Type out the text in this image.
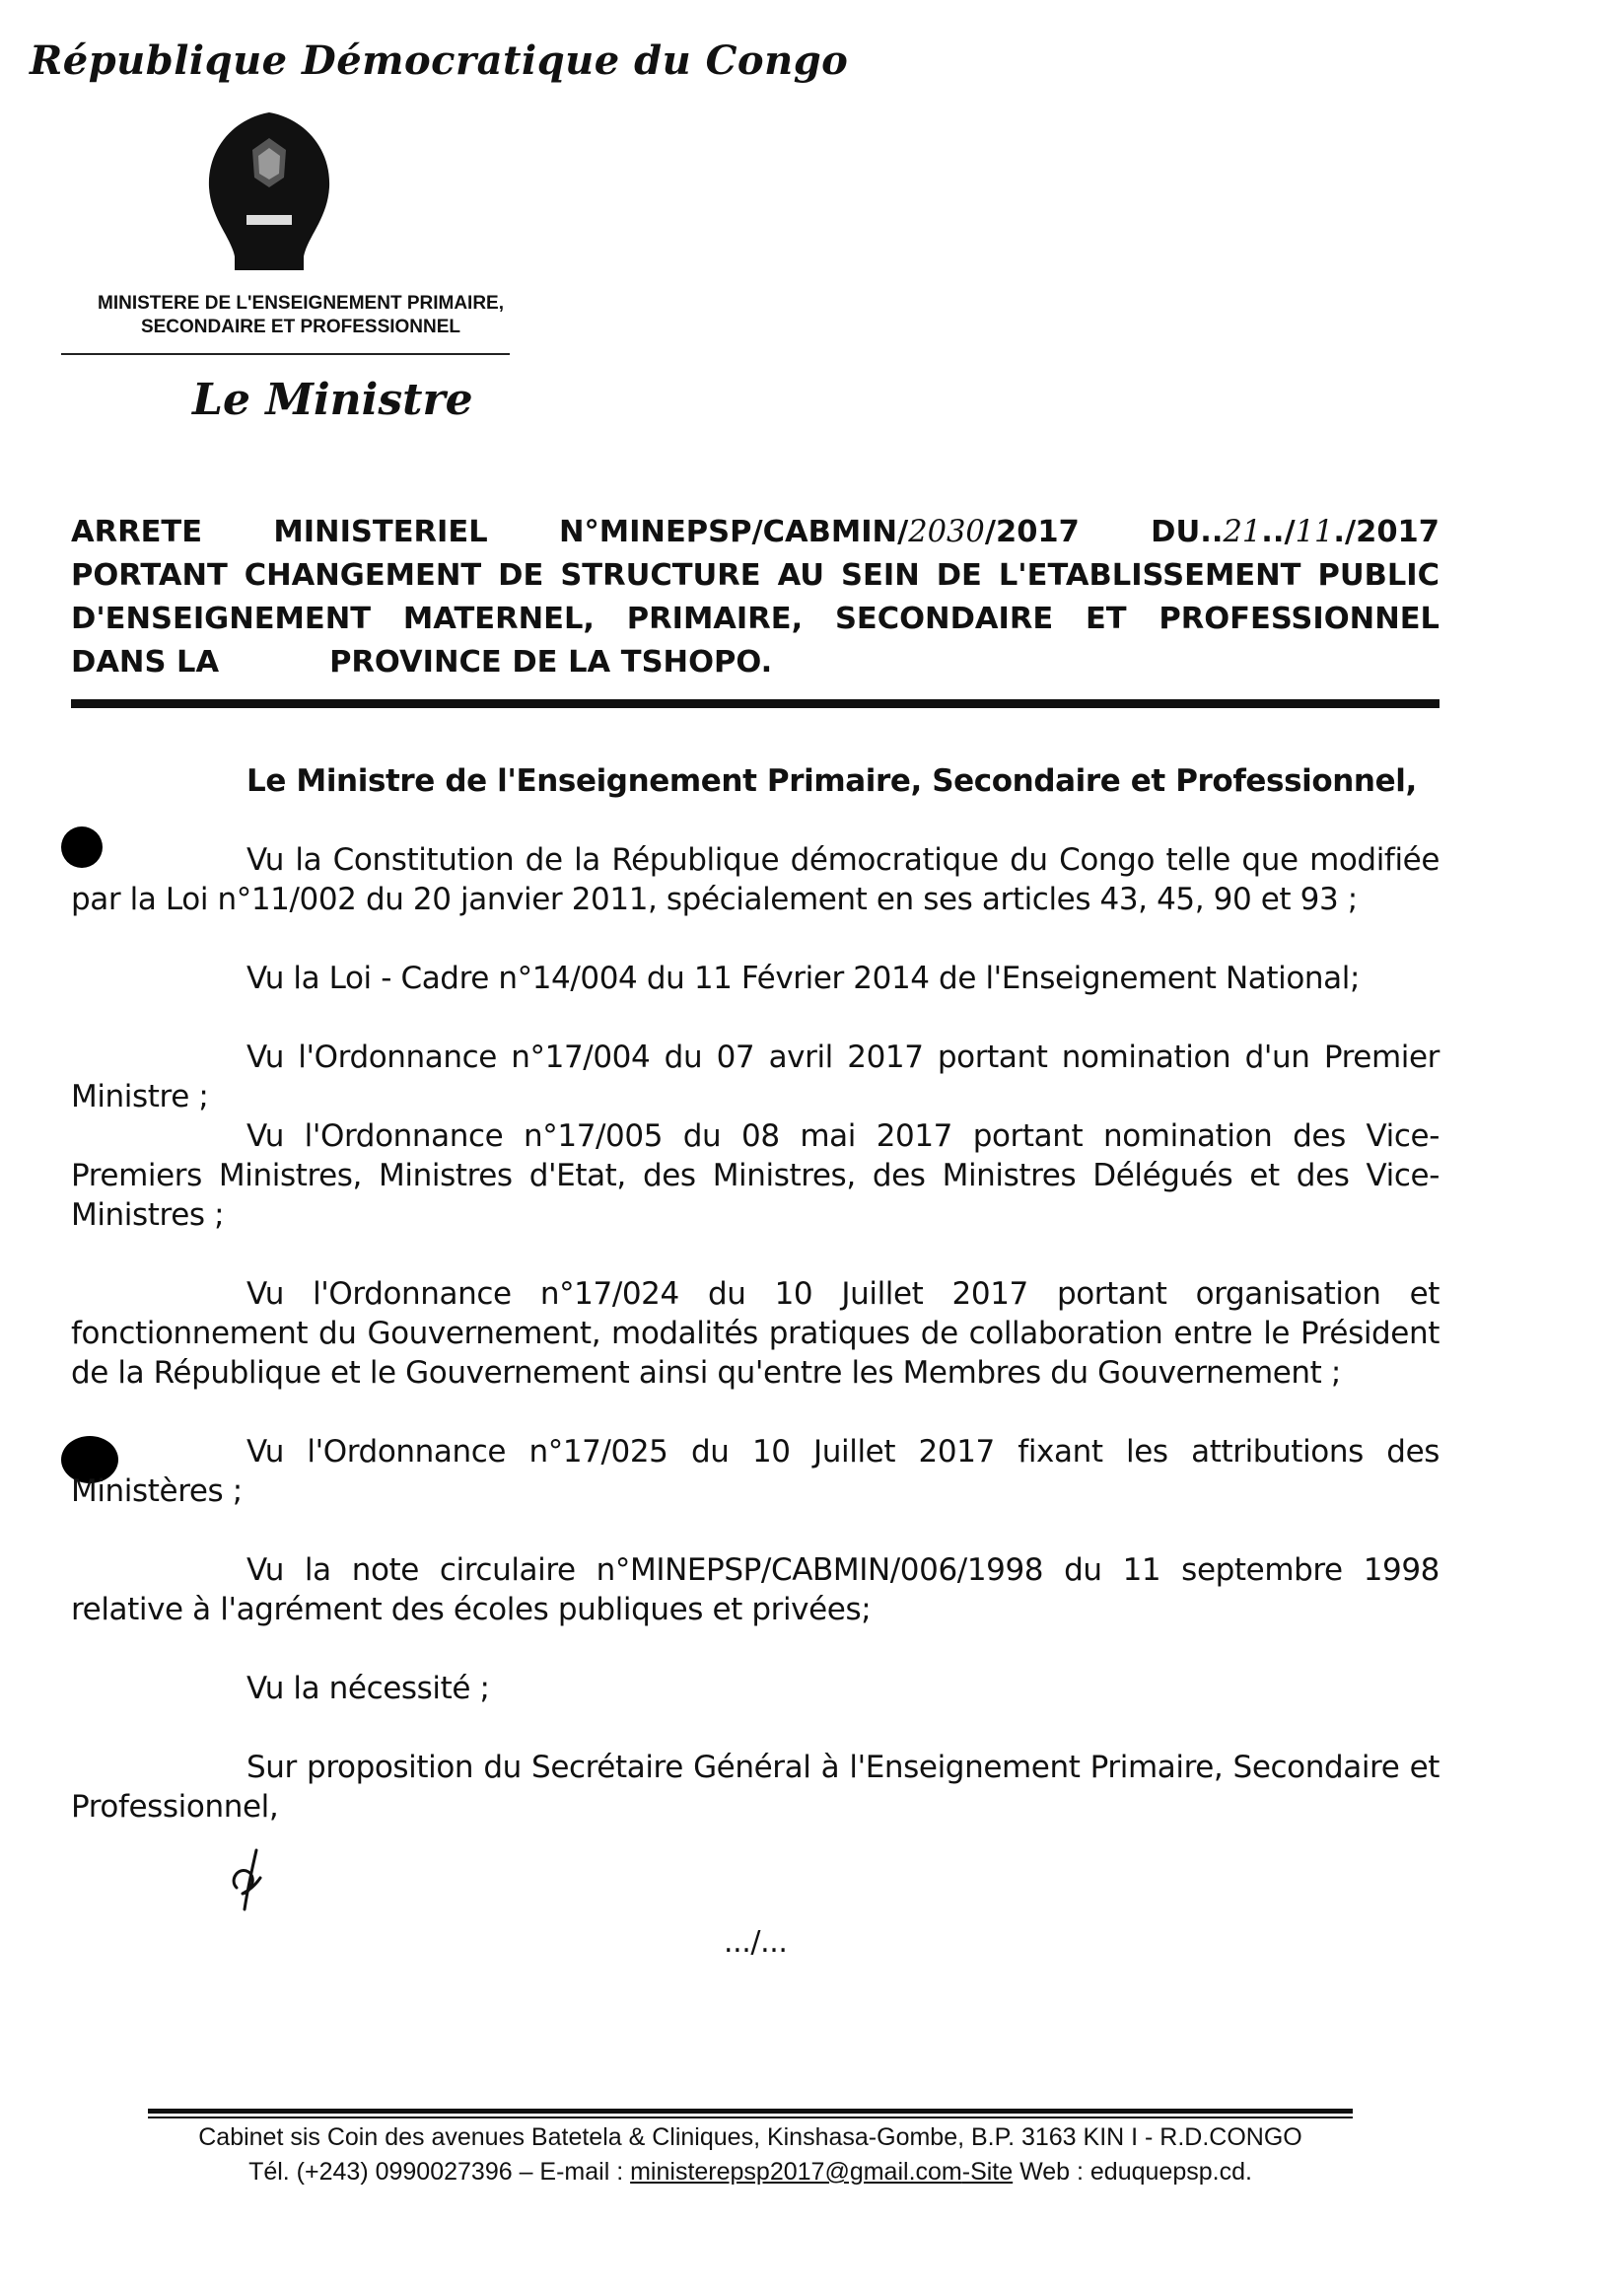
République Démocratique du Congo
MINISTERE DE L'ENSEIGNEMENT PRIMAIRE,
SECONDAIRE ET PROFESSIONNEL
Le Ministre
ARRETE MINISTERIEL N°MINEPSP/CABMIN/2030/2017 DU..21../11./2017
PORTANT CHANGEMENT DE STRUCTURE AU SEIN DE L'ETABLISSEMENT PUBLIC
D'ENSEIGNEMENT MATERNEL, PRIMAIRE, SECONDAIRE ET PROFESSIONNEL
DANS LA	PROVINCE DE LA TSHOPO.
Le Ministre de l'Enseignement Primaire, Secondaire et Professionnel,
Vu la Constitution de la République démocratique du Congo telle que modifiée par la Loi n°11/002 du 20 janvier 2011, spécialement en ses articles 43, 45, 90 et 93 ;
Vu la Loi - Cadre n°14/004 du 11 Février 2014 de l'Enseignement National;
Vu l'Ordonnance n°17/004 du 07 avril 2017 portant nomination d'un Premier Ministre ;
Vu l'Ordonnance n°17/005 du 08 mai 2017 portant nomination des Vice-Premiers Ministres, Ministres d'Etat, des Ministres, des Ministres Délégués et des Vice-Ministres ;
Vu l'Ordonnance n°17/024 du 10 Juillet 2017 portant organisation et fonctionnement du Gouvernement, modalités pratiques de collaboration entre le Président de la République et le Gouvernement ainsi qu'entre les Membres du Gouvernement ;
Vu l'Ordonnance n°17/025 du 10 Juillet 2017 fixant les attributions des Ministères ;
Vu la note circulaire n°MINEPSP/CABMIN/006/1998 du 11 septembre 1998 relative à l'agrément des écoles publiques et privées;
Vu la nécessité ;
Sur proposition du Secrétaire Général à l'Enseignement Primaire, Secondaire et Professionnel,
.../...
Cabinet sis Coin des avenues Batetela & Cliniques, Kinshasa-Gombe, B.P. 3163 KIN I - R.D.CONGO
Tél. (+243) 0990027396 – E-mail : ministerepsp2017@gmail.com-Site Web : eduquepsp.cd.
